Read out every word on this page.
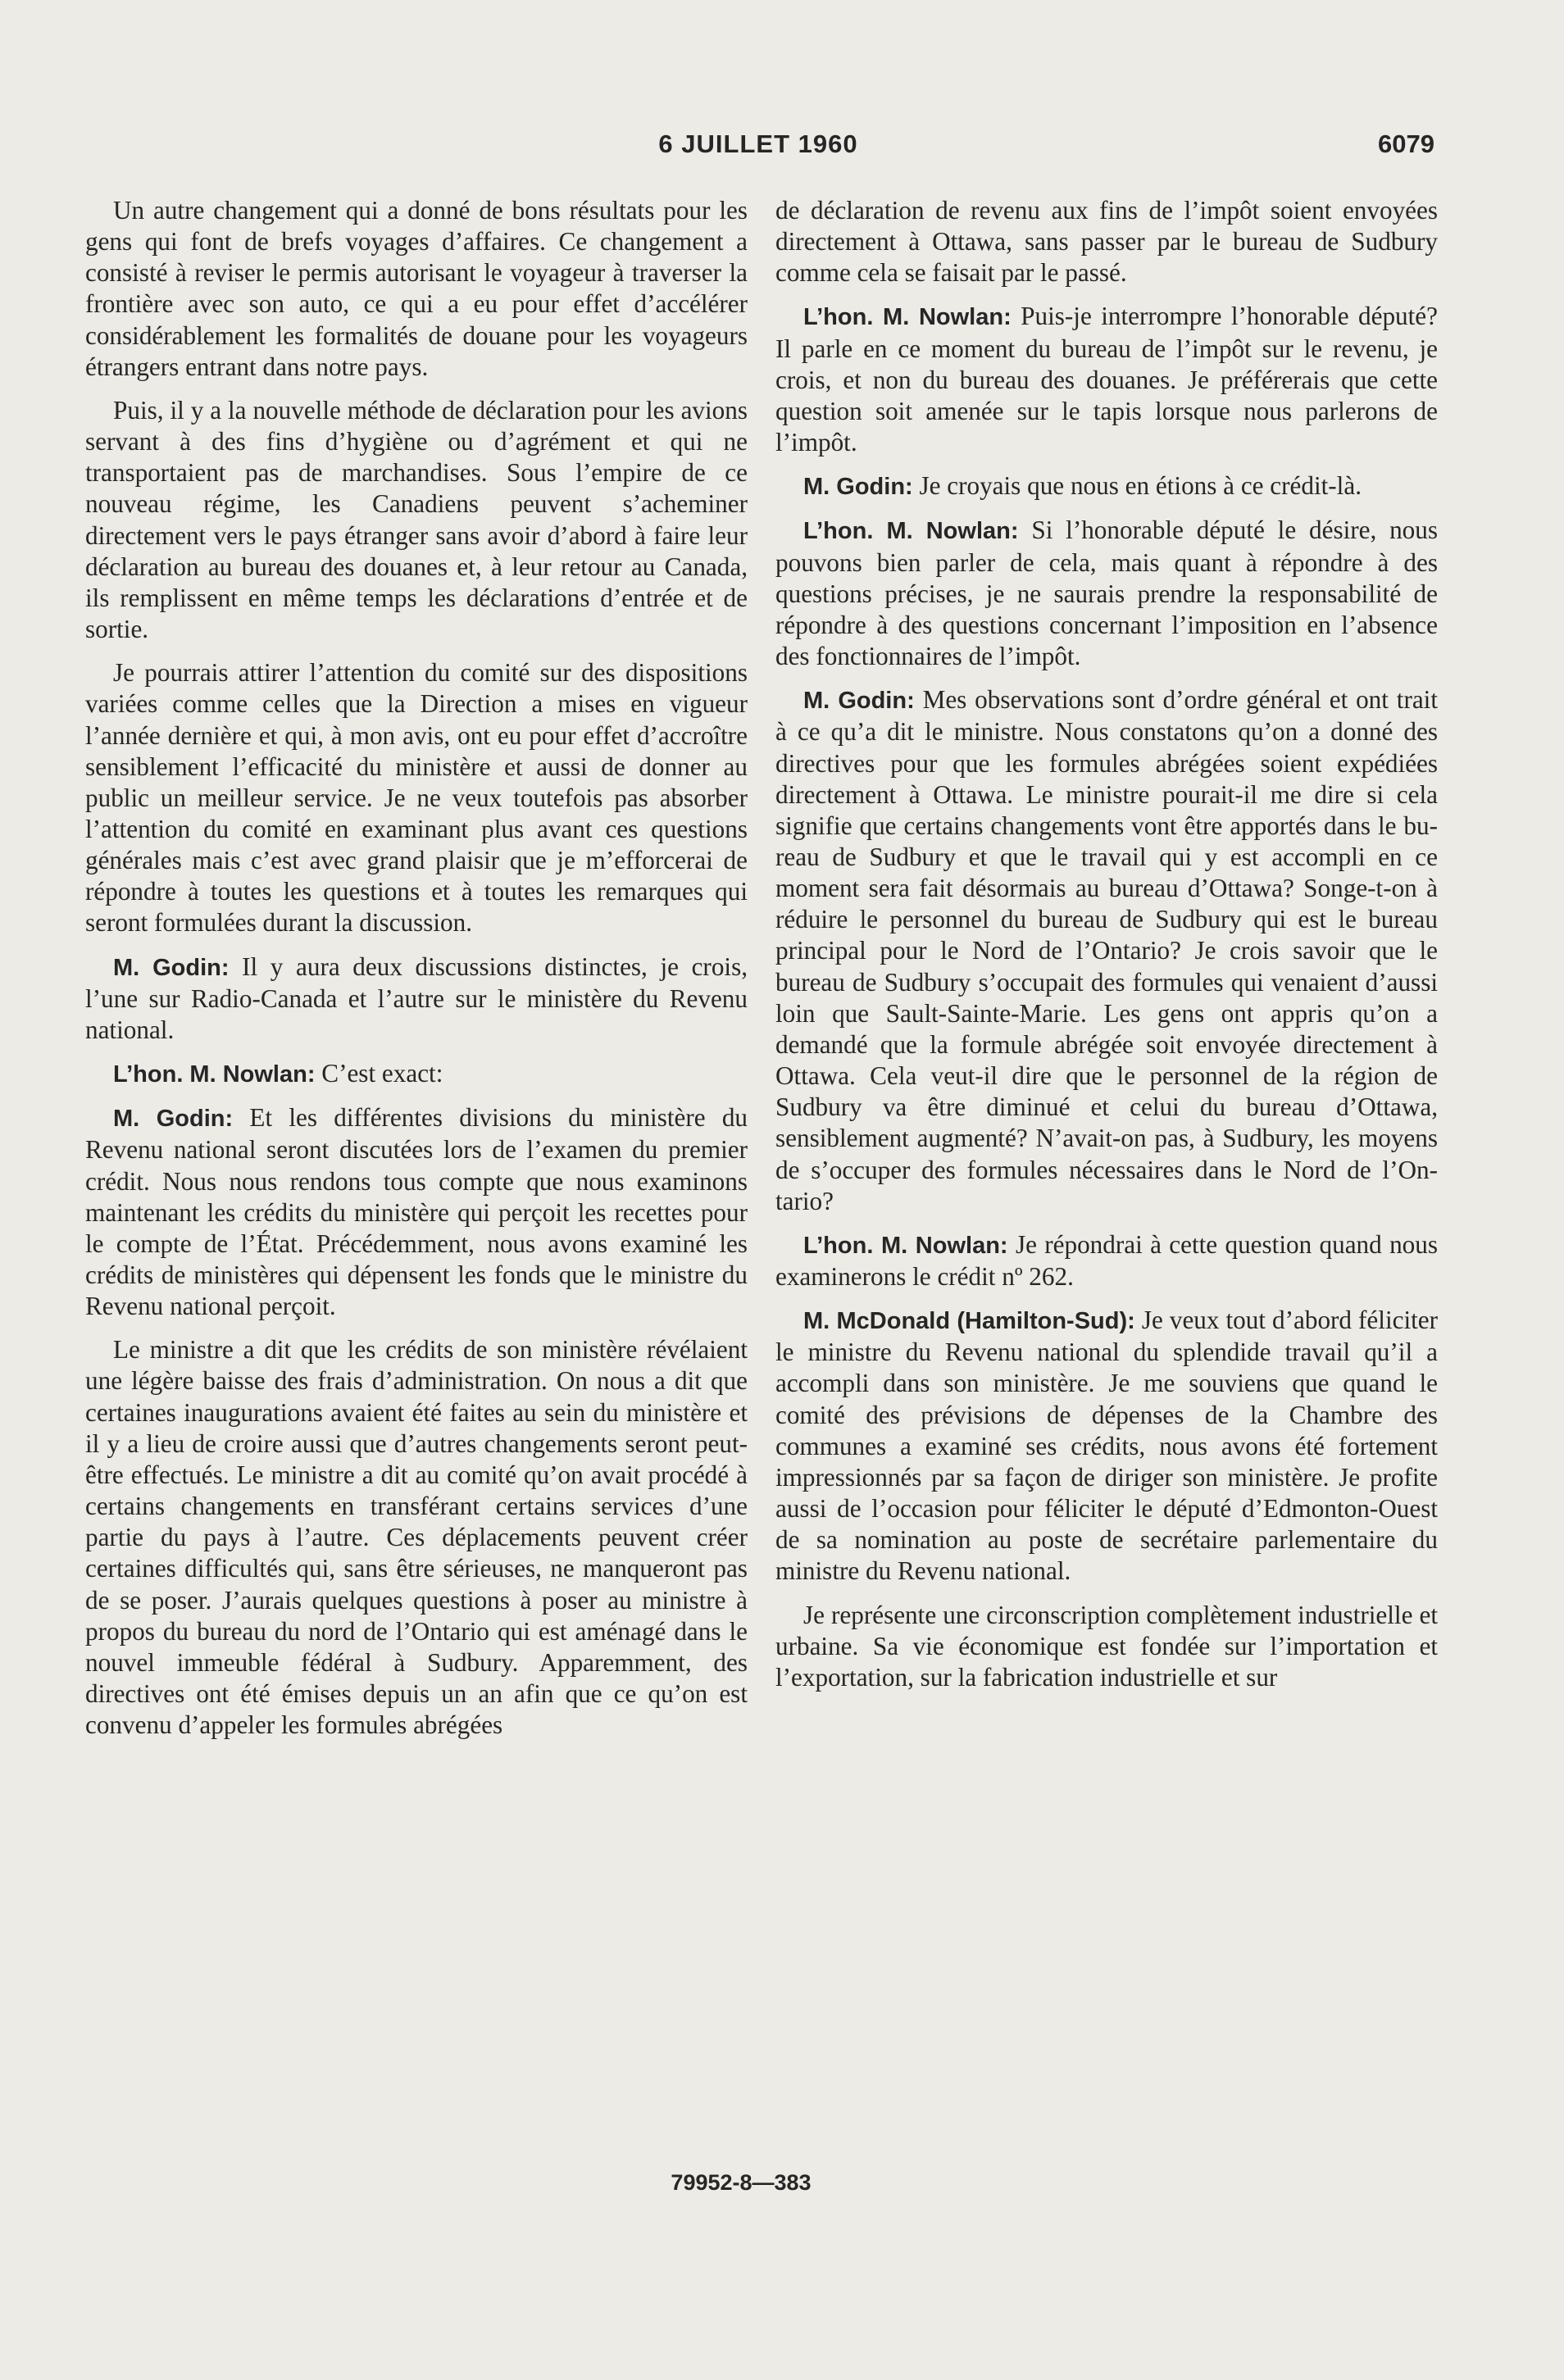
6 JUILLET 1960	6079

Un autre changement qui a donné de bons résultats pour les gens qui font de brefs voyages d’affaires. Ce changement a consisté à reviser le permis autorisant le voyageur à traverser la frontière avec son auto, ce qui a eu pour effet d’accélérer considérablement les formalités de douane pour les voyageurs étrangers entrant dans notre pays.

Puis, il y a la nouvelle méthode de déclaration pour les avions servant à des fins d’hygiène ou d’agrément et qui ne transportaient pas de marchandises. Sous l’empire de ce nouveau régime, les Canadiens peuvent s’acheminer directement vers le pays étranger sans avoir d’abord à faire leur déclaration au bureau des douanes et, à leur retour au Canada, ils remplissent en même temps les déclarations d’entrée et de sortie.

Je pourrais attirer l’attention du comité sur des dispositions variées comme celles que la Direction a mises en vigueur l’année dernière et qui, à mon avis, ont eu pour effet d’accroître sensiblement l’efficacité du ministère et aussi de donner au public un meilleur service. Je ne veux toutefois pas absorber l’attention du comité en examinant plus avant ces questions générales mais c’est avec grand plaisir que je m’efforcerai de répondre à toutes les questions et à toutes les remarques qui seront formulées durant la discussion.

M. Godin: Il y aura deux discussions distinctes, je crois, l’une sur Radio-Canada et l’autre sur le ministère du Revenu national.

L’hon. M. Nowlan: C’est exact:

M. Godin: Et les différentes divisions du ministère du Revenu national seront discutées lors de l’examen du premier crédit. Nous nous rendons tous compte que nous examinons maintenant les crédits du ministère qui perçoit les recettes pour le compte de l’État. Précédemment, nous avons examiné les crédits de ministères qui dépensent les fonds que le ministre du Revenu national perçoit.

Le ministre a dit que les crédits de son ministère révélaient une légère baisse des frais d’administration. On nous a dit que certaines inaugurations avaient été faites au sein du ministère et il y a lieu de croire aussi que d’autres changements seront peut-être effectués. Le ministre a dit au comité qu’on avait procédé à certains changements en transférant certains services d’une partie du pays à l’autre. Ces déplacements peuvent créer certaines difficultés qui, sans être sérieuses, ne manqueront pas de se poser. J’aurais quelques questions à poser au ministre à propos du bureau du nord de l’Ontario qui est aménagé dans le nouvel immeuble fédéral à Sudbury. Apparemment, des directives ont été émises depuis un an afin que ce qu’on est convenu d’appeler les formules abrégées

de déclaration de revenu aux fins de l’impôt soient envoyées directement à Ottawa, sans passer par le bureau de Sudbury comme cela se faisait par le passé.

L’hon. M. Nowlan: Puis-je interrompre l’honorable député? Il parle en ce moment du bureau de l’impôt sur le revenu, je crois, et non du bureau des douanes. Je préférerais que cette question soit amenée sur le tapis lorsque nous parlerons de l’impôt.

M. Godin: Je croyais que nous en étions à ce crédit-là.

L’hon. M. Nowlan: Si l’honorable député le désire, nous pouvons bien parler de cela, mais quant à répondre à des questions précises, je ne saurais prendre la responsabilité de répondre à des questions concernant l’imposition en l’absence des fonctionnaires de l’impôt.

M. Godin: Mes observations sont d’ordre général et ont trait à ce qu’a dit le ministre. Nous constatons qu’on a donné des directives pour que les formules abrégées soient expédiées directement à Ottawa. Le ministre pourait-il me dire si cela signifie que certains changements vont être apportés dans le bureau de Sudbury et que le travail qui y est accompli en ce moment sera fait désormais au bureau d’Ottawa? Songe-t-on à réduire le personnel du bureau de Sudbury qui est le bureau principal pour le Nord de l’Ontario? Je crois savoir que le bureau de Sudbury s’occupait des formules qui venaient d’aussi loin que Sault-Sainte-Marie. Les gens ont appris qu’on a demandé que la formule abrégée soit envoyée directement à Ottawa. Cela veut-il dire que le personnel de la région de Sudbury va être diminué et celui du bureau d’Ottawa, sensiblement augmenté? N’avait-on pas, à Sudbury, les moyens de s’occuper des formules nécessaires dans le Nord de l’Ontario?

L’hon. M. Nowlan: Je répondrai à cette question quand nous examinerons le crédit nº 262.

M. McDonald (Hamilton-Sud): Je veux tout d’abord féliciter le ministre du Revenu national du splendide travail qu’il a accompli dans son ministère. Je me souviens que quand le comité des prévisions de dépenses de la Chambre des communes a examiné ses crédits, nous avons été fortement impressionnés par sa façon de diriger son ministère. Je profite aussi de l’occasion pour féliciter le député d’Edmonton-Ouest de sa nomination au poste de secrétaire parlementaire du ministre du Revenu national.

Je représente une circonscription complètement industrielle et urbaine. Sa vie économique est fondée sur l’importation et l’exportation, sur la fabrication industrielle et sur

79952-8—383
